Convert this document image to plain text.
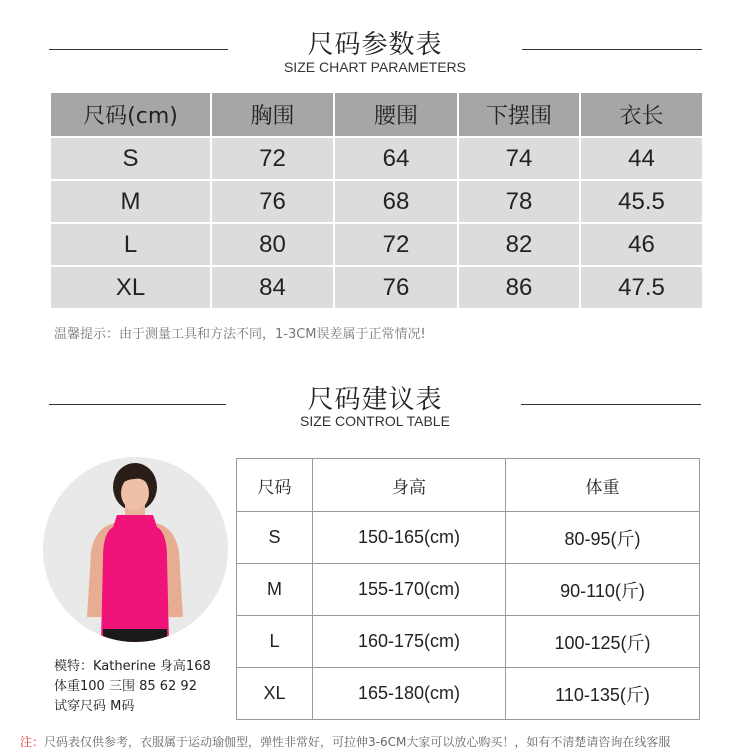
尺码参数表
SIZE CHART PARAMETERS
尺码(cm)	胸围	腰围	下摆围	衣长
S	72	64	74	44
M	76	68	78	45.5
L	80	72	82	46
XL	84	76	86	47.5
温馨提示：由于测量工具和方法不同，1-3CM误差属于正常情况!
尺码建议表
SIZE CONTROL TABLE
模特：Katherine 身高168
体重100 三围 85 62 92
试穿尺码 M码
尺码	身高	体重
S	150-165(cm)	80-95(斤)
M	155-170(cm)	90-110(斤)
L	160-175(cm)	100-125(斤)
XL	165-180(cm)	110-135(斤)
注：尺码表仅供参考，衣服属于运动瑜伽型，弹性非常好，可拉伸3-6CM大家可以放心购买！，如有不清楚请咨询在线客服
